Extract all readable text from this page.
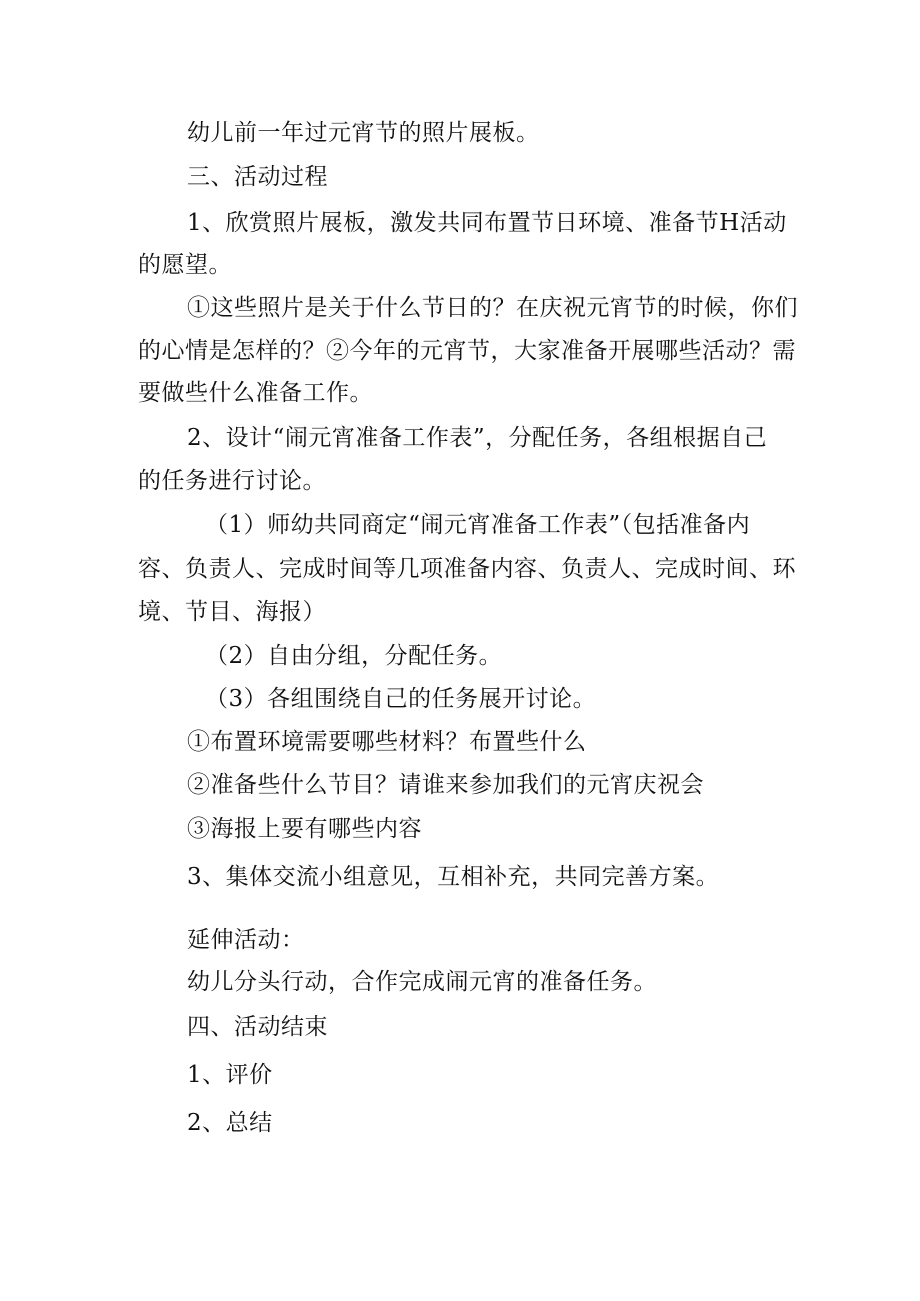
幼儿前一年过元宵节的照片展板。

三、活动过程

1、欣赏照片展板，激发共同布置节日环境、准备节H活动

的愿望。

①这些照片是关于什么节日的？在庆祝元宵节的时候，你们

的心情是怎样的？②今年的元宵节，大家准备开展哪些活动？需

要做些什么准备工作。

2、设计“闹元宵准备工作表”，分配任务，各组根据自己

的任务进行讨论。

（1）师幼共同商定“闹元宵准备工作表”（包括准备内

容、负责人、完成时间等几项准备内容、负责人、完成时间、环

境、节目、海报）

（2）自由分组，分配任务。

（3）各组围绕自己的任务展开讨论。

①布置环境需要哪些材料？布置些什么

②准备些什么节目？请谁来参加我们的元宵庆祝会

③海报上要有哪些内容

3、集体交流小组意见，互相补充，共同完善方案。

延伸活动：

幼儿分头行动，合作完成闹元宵的准备任务。

四、活动结束

1、评价

2、总结
